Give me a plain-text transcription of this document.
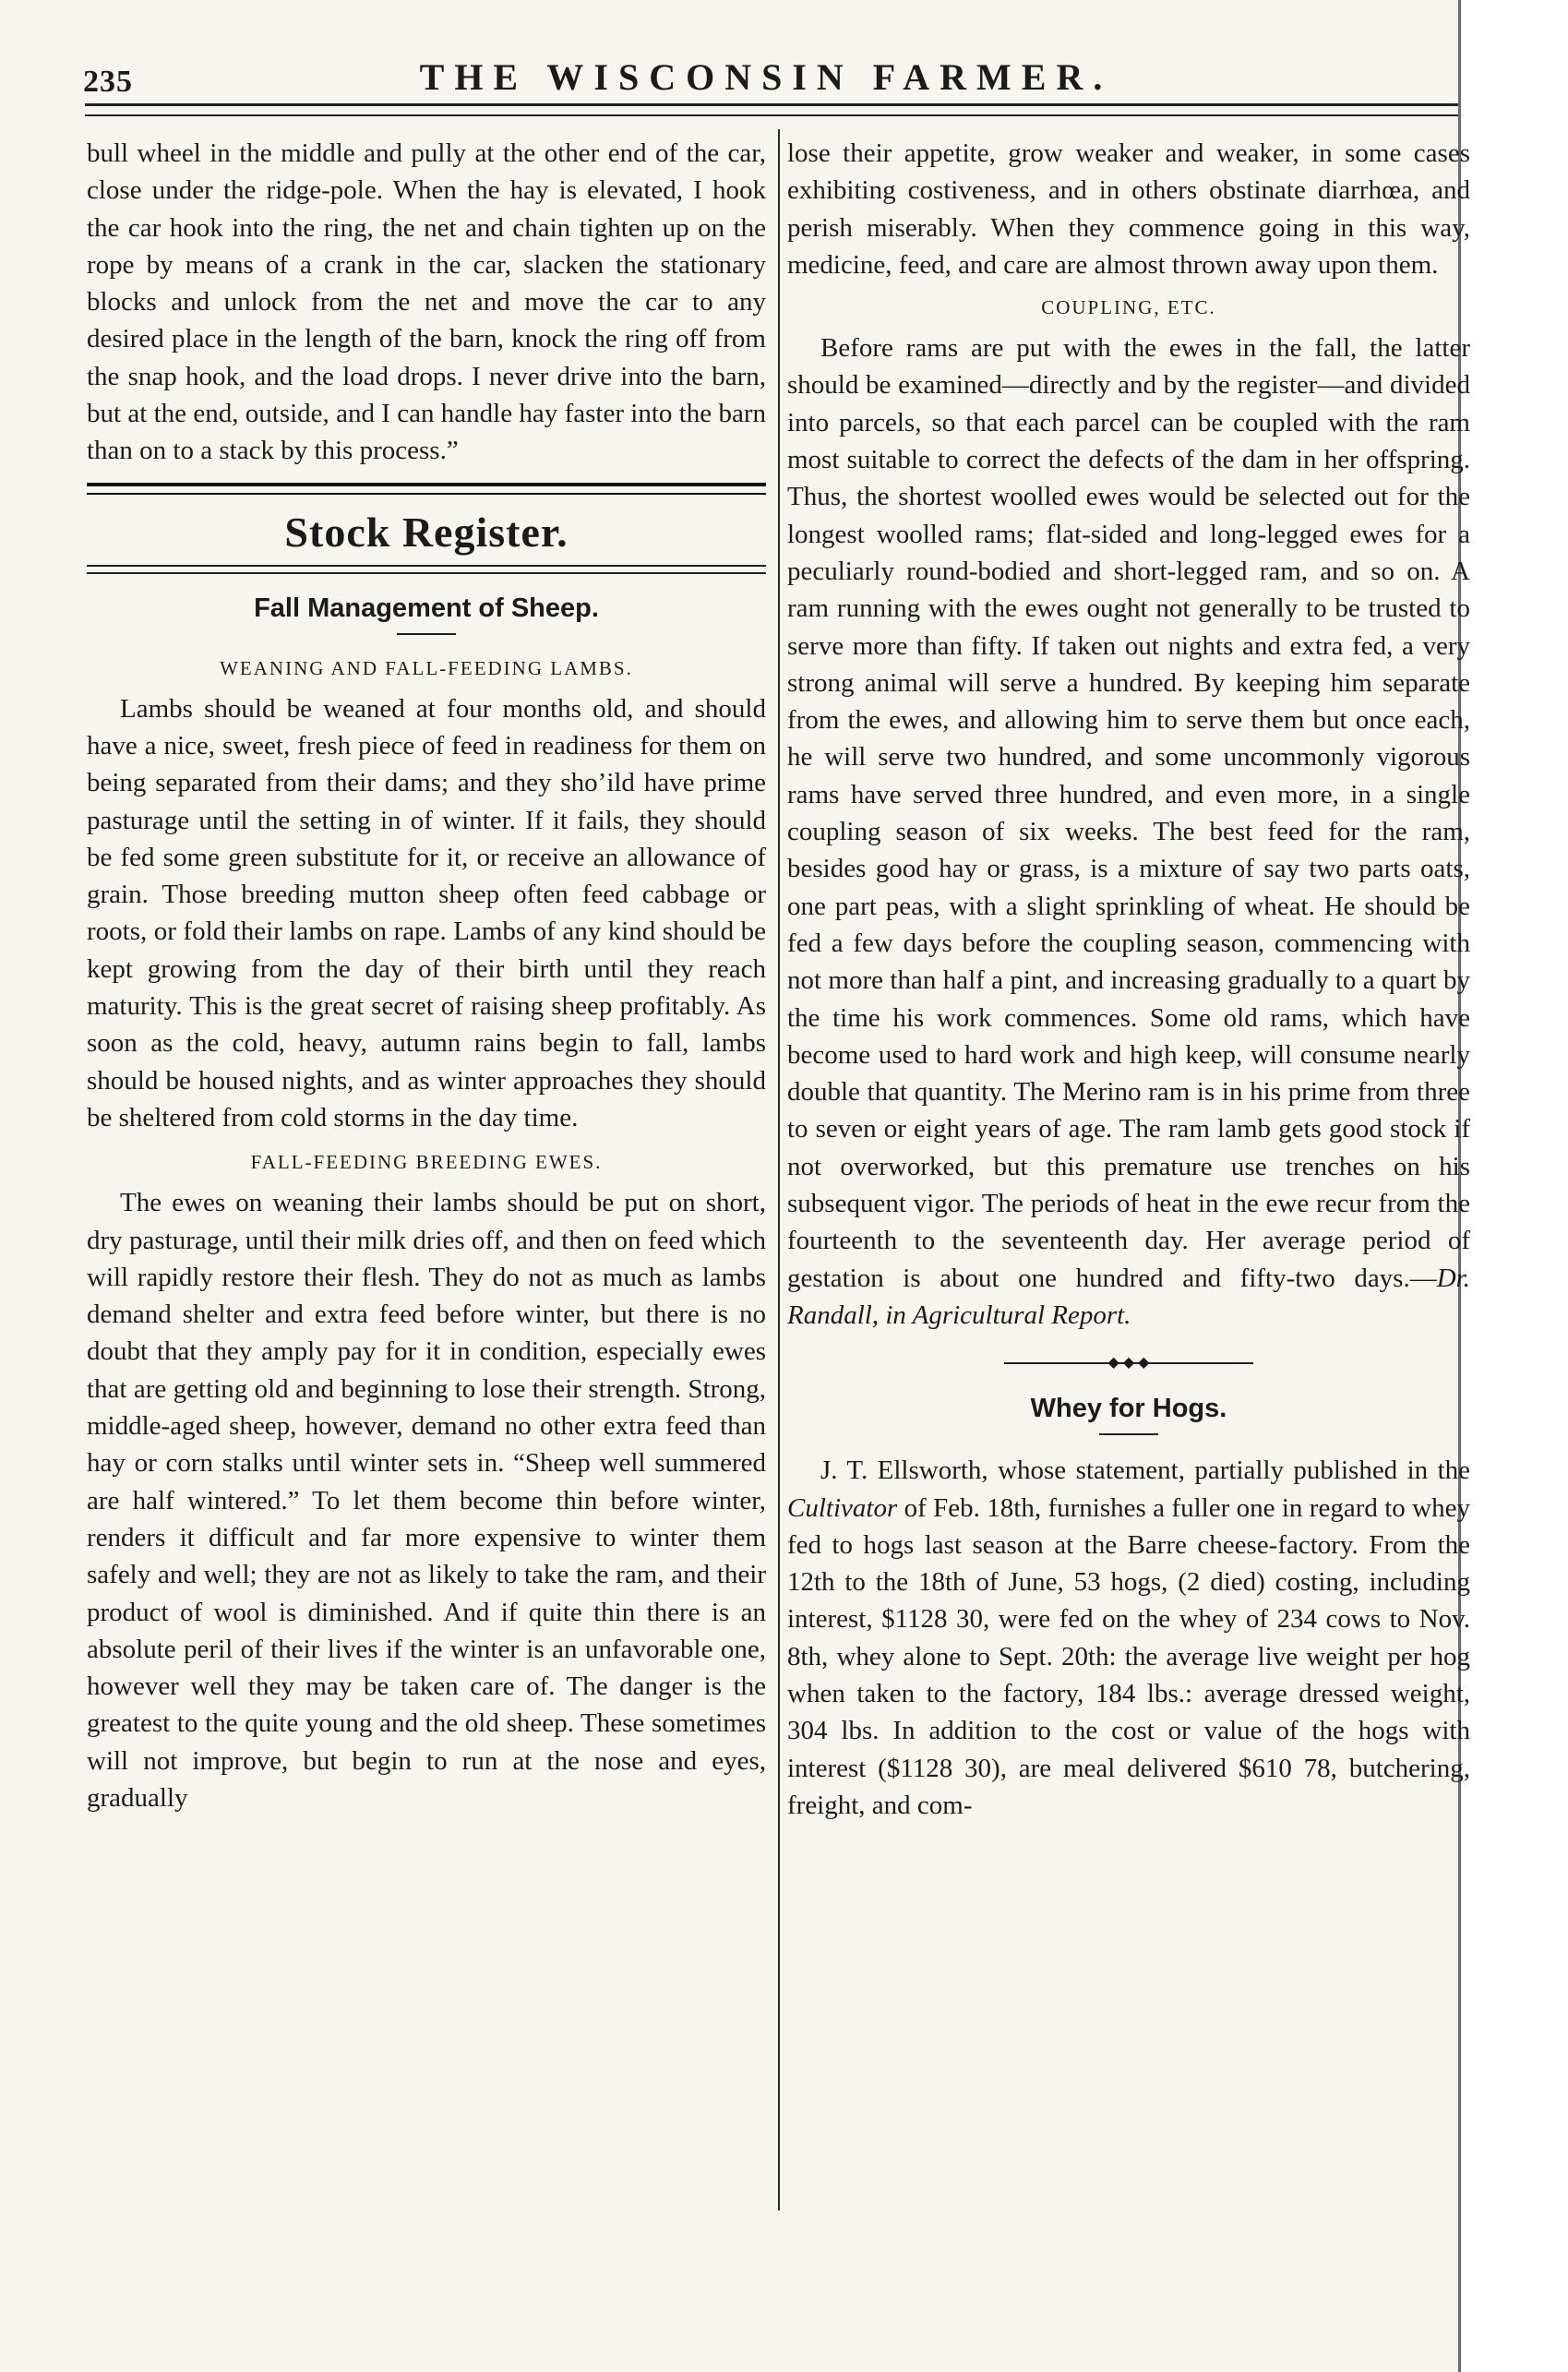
235	THE WISCONSIN FARMER.

bull wheel in the middle and pully at the other end of the car, close under the ridge-pole. When the hay is elevated, I hook the car hook into the ring, the net and chain tighten up on the rope by means of a crank in the car, slacken the stationary blocks and unlock from the net and move the car to any desired place in the length of the barn, knock the ring off from the snap hook, and the load drops. I never drive into the barn, but at the end, outside, and I can handle hay faster into the barn than on to a stack by this process.”

Stock Register.
Fall Management of Sheep.
WEANING AND FALL-FEEDING LAMBS.

Lambs should be weaned at four months old, and should have a nice, sweet, fresh piece of feed in readiness for them on being separated from their dams; and they sho’ild have prime pasturage until the setting in of winter. If it fails, they should be fed some green substitute for it, or receive an allowance of grain. Those breeding mutton sheep often feed cabbage or roots, or fold their lambs on rape. Lambs of any kind should be kept growing from the day of their birth until they reach maturity. This is the great secret of raising sheep profitably. As soon as the cold, heavy, autumn rains begin to fall, lambs should be housed nights, and as winter approaches they should be sheltered from cold storms in the day time.

FALL-FEEDING BREEDING EWES.

The ewes on weaning their lambs should be put on short, dry pasturage, until their milk dries off, and then on feed which will rapidly restore their flesh. They do not as much as lambs demand shelter and extra feed before winter, but there is no doubt that they amply pay for it in condition, especially ewes that are getting old and beginning to lose their strength. Strong, middle-aged sheep, however, demand no other extra feed than hay or corn stalks until winter sets in. “Sheep well summered are half wintered.” To let them become thin before winter, renders it difficult and far more expensive to winter them safely and well; they are not as likely to take the ram, and their product of wool is diminished. And if quite thin there is an absolute peril of their lives if the winter is an unfavorable one, however well they may be taken care of. The danger is the greatest to the quite young and the old sheep. These sometimes will not improve, but begin to run at the nose and eyes, gradually

lose their appetite, grow weaker and weaker, in some cases exhibiting costiveness, and in others obstinate diarrhœa, and perish miserably. When they commence going in this way, medicine, feed, and care are almost thrown away upon them.

COUPLING, ETC.

Before rams are put with the ewes in the fall, the latter should be examined—directly and by the register—and divided into parcels, so that each parcel can be coupled with the ram most suitable to correct the defects of the dam in her offspring. Thus, the shortest woolled ewes would be selected out for the longest woolled rams; flat-sided and long-legged ewes for a peculiarly round-bodied and short-legged ram, and so on. A ram running with the ewes ought not generally to be trusted to serve more than fifty. If taken out nights and extra fed, a very strong animal will serve a hundred. By keeping him separate from the ewes, and allowing him to serve them but once each, he will serve two hundred, and some uncommonly vigorous rams have served three hundred, and even more, in a single coupling season of six weeks. The best feed for the ram, besides good hay or grass, is a mixture of say two parts oats, one part peas, with a slight sprinkling of wheat. He should be fed a few days before the coupling season, commencing with not more than half a pint, and increasing gradually to a quart by the time his work commences. Some old rams, which have become used to hard work and high keep, will consume nearly double that quantity. The Merino ram is in his prime from three to seven or eight years of age. The ram lamb gets good stock if not overworked, but this premature use trenches on his subsequent vigor. The periods of heat in the ewe recur from the fourteenth to the seventeenth day. Her average period of gestation is about one hundred and fifty-two days.—Dr. Randall, in Agricultural Report.

◆ ◆ ◆
Whey for Hogs.

J. T. Ellsworth, whose statement, partially published in the Cultivator of Feb. 18th, furnishes a fuller one in regard to whey fed to hogs last season at the Barre cheese-factory. From the 12th to the 18th of June, 53 hogs, (2 died) costing, including interest, $1128 30, were fed on the whey of 234 cows to Nov. 8th, whey alone to Sept. 20th: the average live weight per hog when taken to the factory, 184 lbs.: average dressed weight, 304 lbs. In addition to the cost or value of the hogs with interest ($1128 30), are meal delivered $610 78, butchering, freight, and com-
